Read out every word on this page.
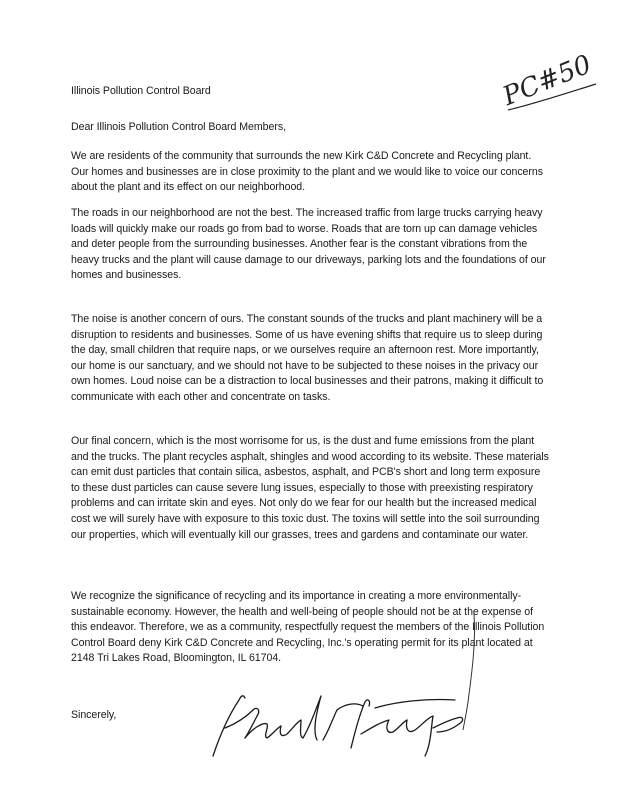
PC#50

Illinois Pollution Control Board

Dear Illinois Pollution Control Board Members,

We are residents of the community that surrounds the new Kirk C&D Concrete and Recycling plant. Our homes and businesses are in close proximity to the plant and we would like to voice our concerns about the plant and its effect on our neighborhood.

The roads in our neighborhood are not the best. The increased traffic from large trucks carrying heavy loads will quickly make our roads go from bad to worse. Roads that are torn up can damage vehicles and deter people from the surrounding businesses. Another fear is the constant vibrations from the heavy trucks and the plant will cause damage to our driveways, parking lots and the foundations of our homes and businesses.

The noise is another concern of ours. The constant sounds of the trucks and plant machinery will be a disruption to residents and businesses. Some of us have evening shifts that require us to sleep during the day, small children that require naps, or we ourselves require an afternoon rest. More importantly, our home is our sanctuary, and we should not have to be subjected to these noises in the privacy our own homes. Loud noise can be a distraction to local businesses and their patrons, making it difficult to communicate with each other and concentrate on tasks.

Our final concern, which is the most worrisome for us, is the dust and fume emissions from the plant and the trucks. The plant recycles asphalt, shingles and wood according to its website. These materials can emit dust particles that contain silica, asbestos, asphalt, and PCB's short and long term exposure to these dust particles can cause severe lung issues, especially to those with preexisting respiratory problems and can irritate skin and eyes. Not only do we fear for our health but the increased medical cost we will surely have with exposure to this toxic dust. The toxins will settle into the soil surrounding our properties, which will eventually kill our grasses, trees and gardens and contaminate our water.

We recognize the significance of recycling and its importance in creating a more environmentally-sustainable economy. However, the health and well-being of people should not be at the expense of this endeavor. Therefore, we as a community, respectfully request the members of the Illinois Pollution Control Board deny Kirk C&D Concrete and Recycling, Inc.'s operating permit for its plant located at 2148 Tri Lakes Road, Bloomington, IL 61704.

Sincerely,
